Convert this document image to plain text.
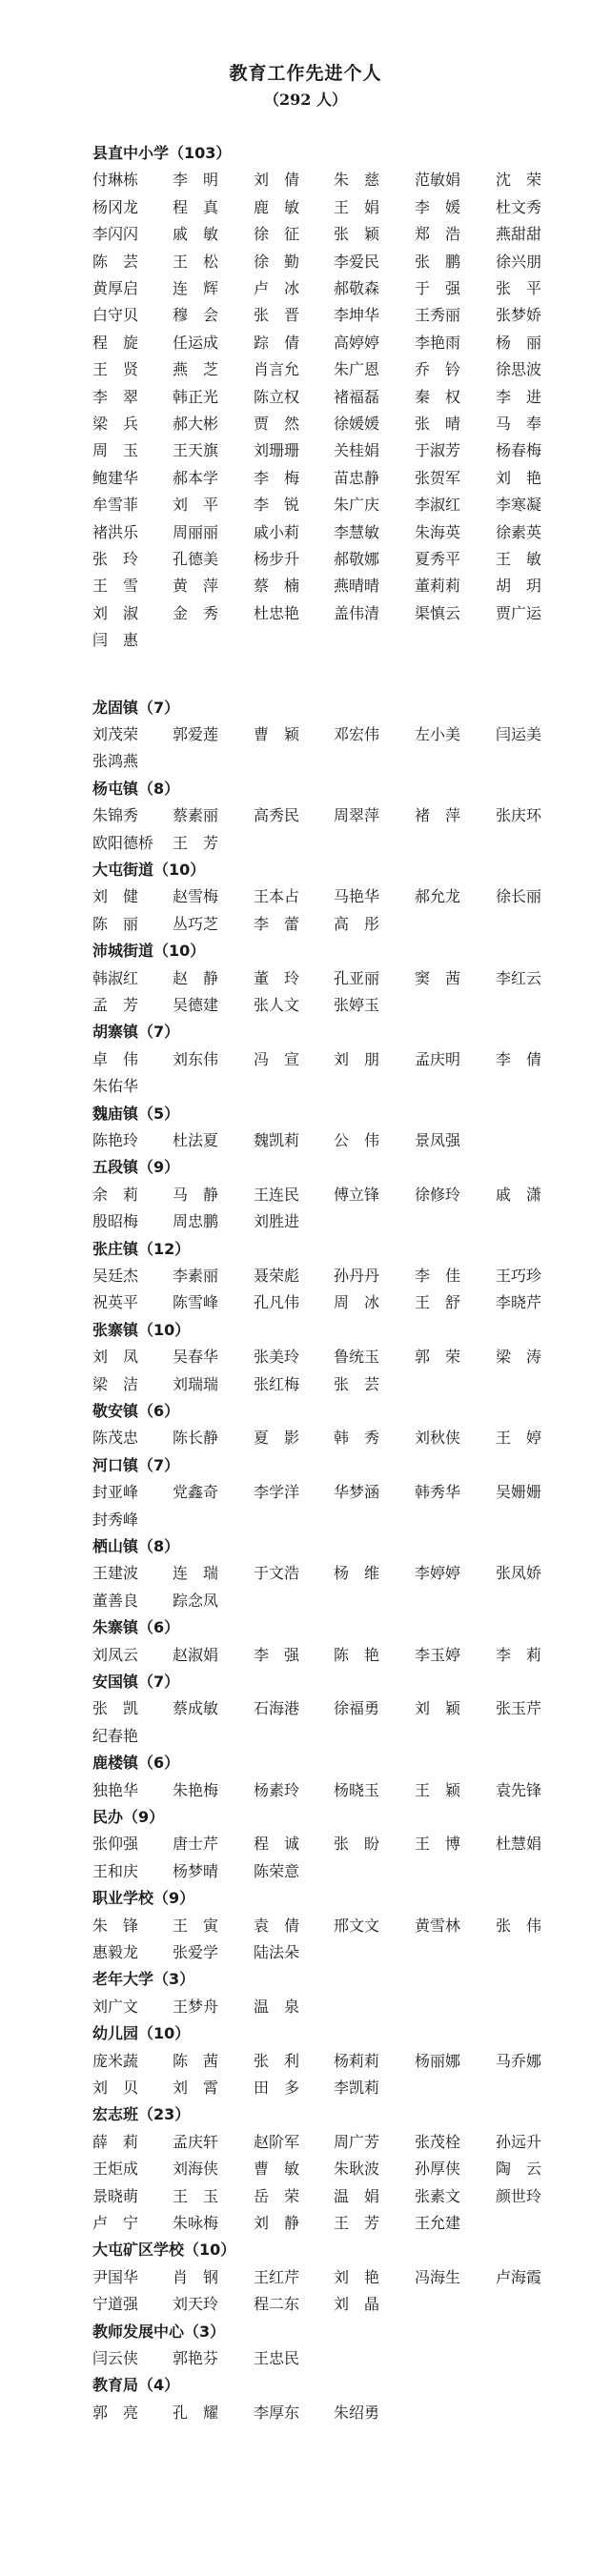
教育工作先进个人
（292 人）
县直中小学（103）
付琳栋 李　明 刘　倩 朱　慈 范敏娟 沈　荣
杨冈龙 程　真 鹿　敏 王　娟 李　媛 杜文秀
李闪闪 戚　敏 徐　征 张　颖 郑　浩 燕甜甜
陈　芸 王　松 徐　勤 李爱民 张　鹏 徐兴朋
黄厚启 连　辉 卢　冰 郝敬森 于　强 张　平
白守贝 穆　会 张　晋 李坤华 王秀丽 张梦娇
程　旋 任运成 踪　倩 高婷婷 李艳雨 杨　丽
王　贤 燕　芝 肖言允 朱广恩 乔　钤 徐思波
李　翠 韩正光 陈立权 褚福磊 秦　权 李　进
梁　兵 郝大彬 贾　然 徐媛媛 张　晴 马　奉
周　玉 王天旗 刘珊珊 关桂娟 于淑芳 杨春梅
鲍建华 郝本学 李　梅 苗忠静 张贺军 刘　艳
牟雪菲 刘　平 李　锐 朱广庆 李淑红 李寒凝
褚洪乐 周丽丽 戚小莉 李慧敏 朱海英 徐素英
张　玲 孔德美 杨步升 郝敬娜 夏秀平 王　敏
王　雪 黄　萍 蔡　楠 燕晴晴 董莉莉 胡　玥
刘　淑 金　秀 杜忠艳 盖伟清 渠慎云 贾广运
闫　惠
龙固镇（7）
刘茂荣 郭爱莲 曹　颖 邓宏伟 左小美 闫运美
张鸿燕
杨屯镇（8）
朱锦秀 蔡素丽 高秀民 周翠萍 褚　萍 张庆环
欧阳德桥 王　芳
大屯街道（10）
刘　健 赵雪梅 王本占 马艳华 郝允龙 徐长丽
陈　丽 丛巧芝 李　蕾 高　彤
沛城街道（10）
韩淑红 赵　静 董　玲 孔亚丽 窦　茜 李红云
孟　芳 吴德建 张人文 张婷玉
胡寨镇（7）
卓　伟 刘东伟 冯　宣 刘　朋 孟庆明 李　倩
朱佑华
魏庙镇（5）
陈艳玲 杜法夏 魏凯莉 公　伟 景凤强
五段镇（9）
余　莉 马　静 王连民 傅立锋 徐修玲 戚　潇
殷昭梅 周忠鹏 刘胜进
张庄镇（12）
吴廷杰 李素丽 聂荣彪 孙丹丹 李　佳 王巧珍
祝英平 陈雪峰 孔凡伟 周　冰 王　舒 李晓芹
张寨镇（10）
刘　凤 吴春华 张美玲 鲁统玉 郭　荣 梁　涛
梁　洁 刘瑞瑞 张红梅 张　芸
敬安镇（6）
陈茂忠 陈长静 夏　影 韩　秀 刘秋侠 王　婷
河口镇（7）
封亚峰 党鑫奇 李学洋 华梦涵 韩秀华 吴姗姗
封秀峰
栖山镇（8）
王建波 连　瑞 于文浩 杨　维 李婷婷 张凤娇
董善良 踪念凤
朱寨镇（6）
刘凤云 赵淑娟 李　强 陈　艳 李玉婷 李　莉
安国镇（7）
张　凯 蔡成敏 石海港 徐福勇 刘　颖 张玉芹
纪春艳
鹿楼镇（6）
独艳华 朱艳梅 杨素玲 杨晓玉 王　颖 袁先锋
民办（9）
张仰强 唐士芹 程　诚 张　盼 王　博 杜慧娟
王和庆 杨梦晴 陈荣意
职业学校（9）
朱　锋 王　寅 袁　倩 邢文文 黄雪林 张　伟
惠毅龙 张爱学 陆法朵
老年大学（3）
刘广文 王梦舟 温　泉
幼儿园（10）
庞米蔬 陈　茜 张　利 杨莉莉 杨丽娜 马乔娜
刘　贝 刘　霄 田　多 李凯莉
宏志班（23）
薛　莉 孟庆轩 赵阶军 周广芳 张茂栓 孙远升
王炬成 刘海侠 曹　敏 朱耿波 孙厚侠 陶　云
景晓萌 王　玉 岳　荣 温　娟 张素文 颜世玲
卢　宁 朱咏梅 刘　静 王　芳 王允建
大屯矿区学校（10）
尹国华 肖　钢 王红芹 刘　艳 冯海生 卢海霞
宁道强 刘天玲 程二东 刘　晶
教师发展中心（3）
闫云侠 郭艳芬 王忠民
教育局（4）
郭　亮 孔　耀 李厚东 朱绍勇
